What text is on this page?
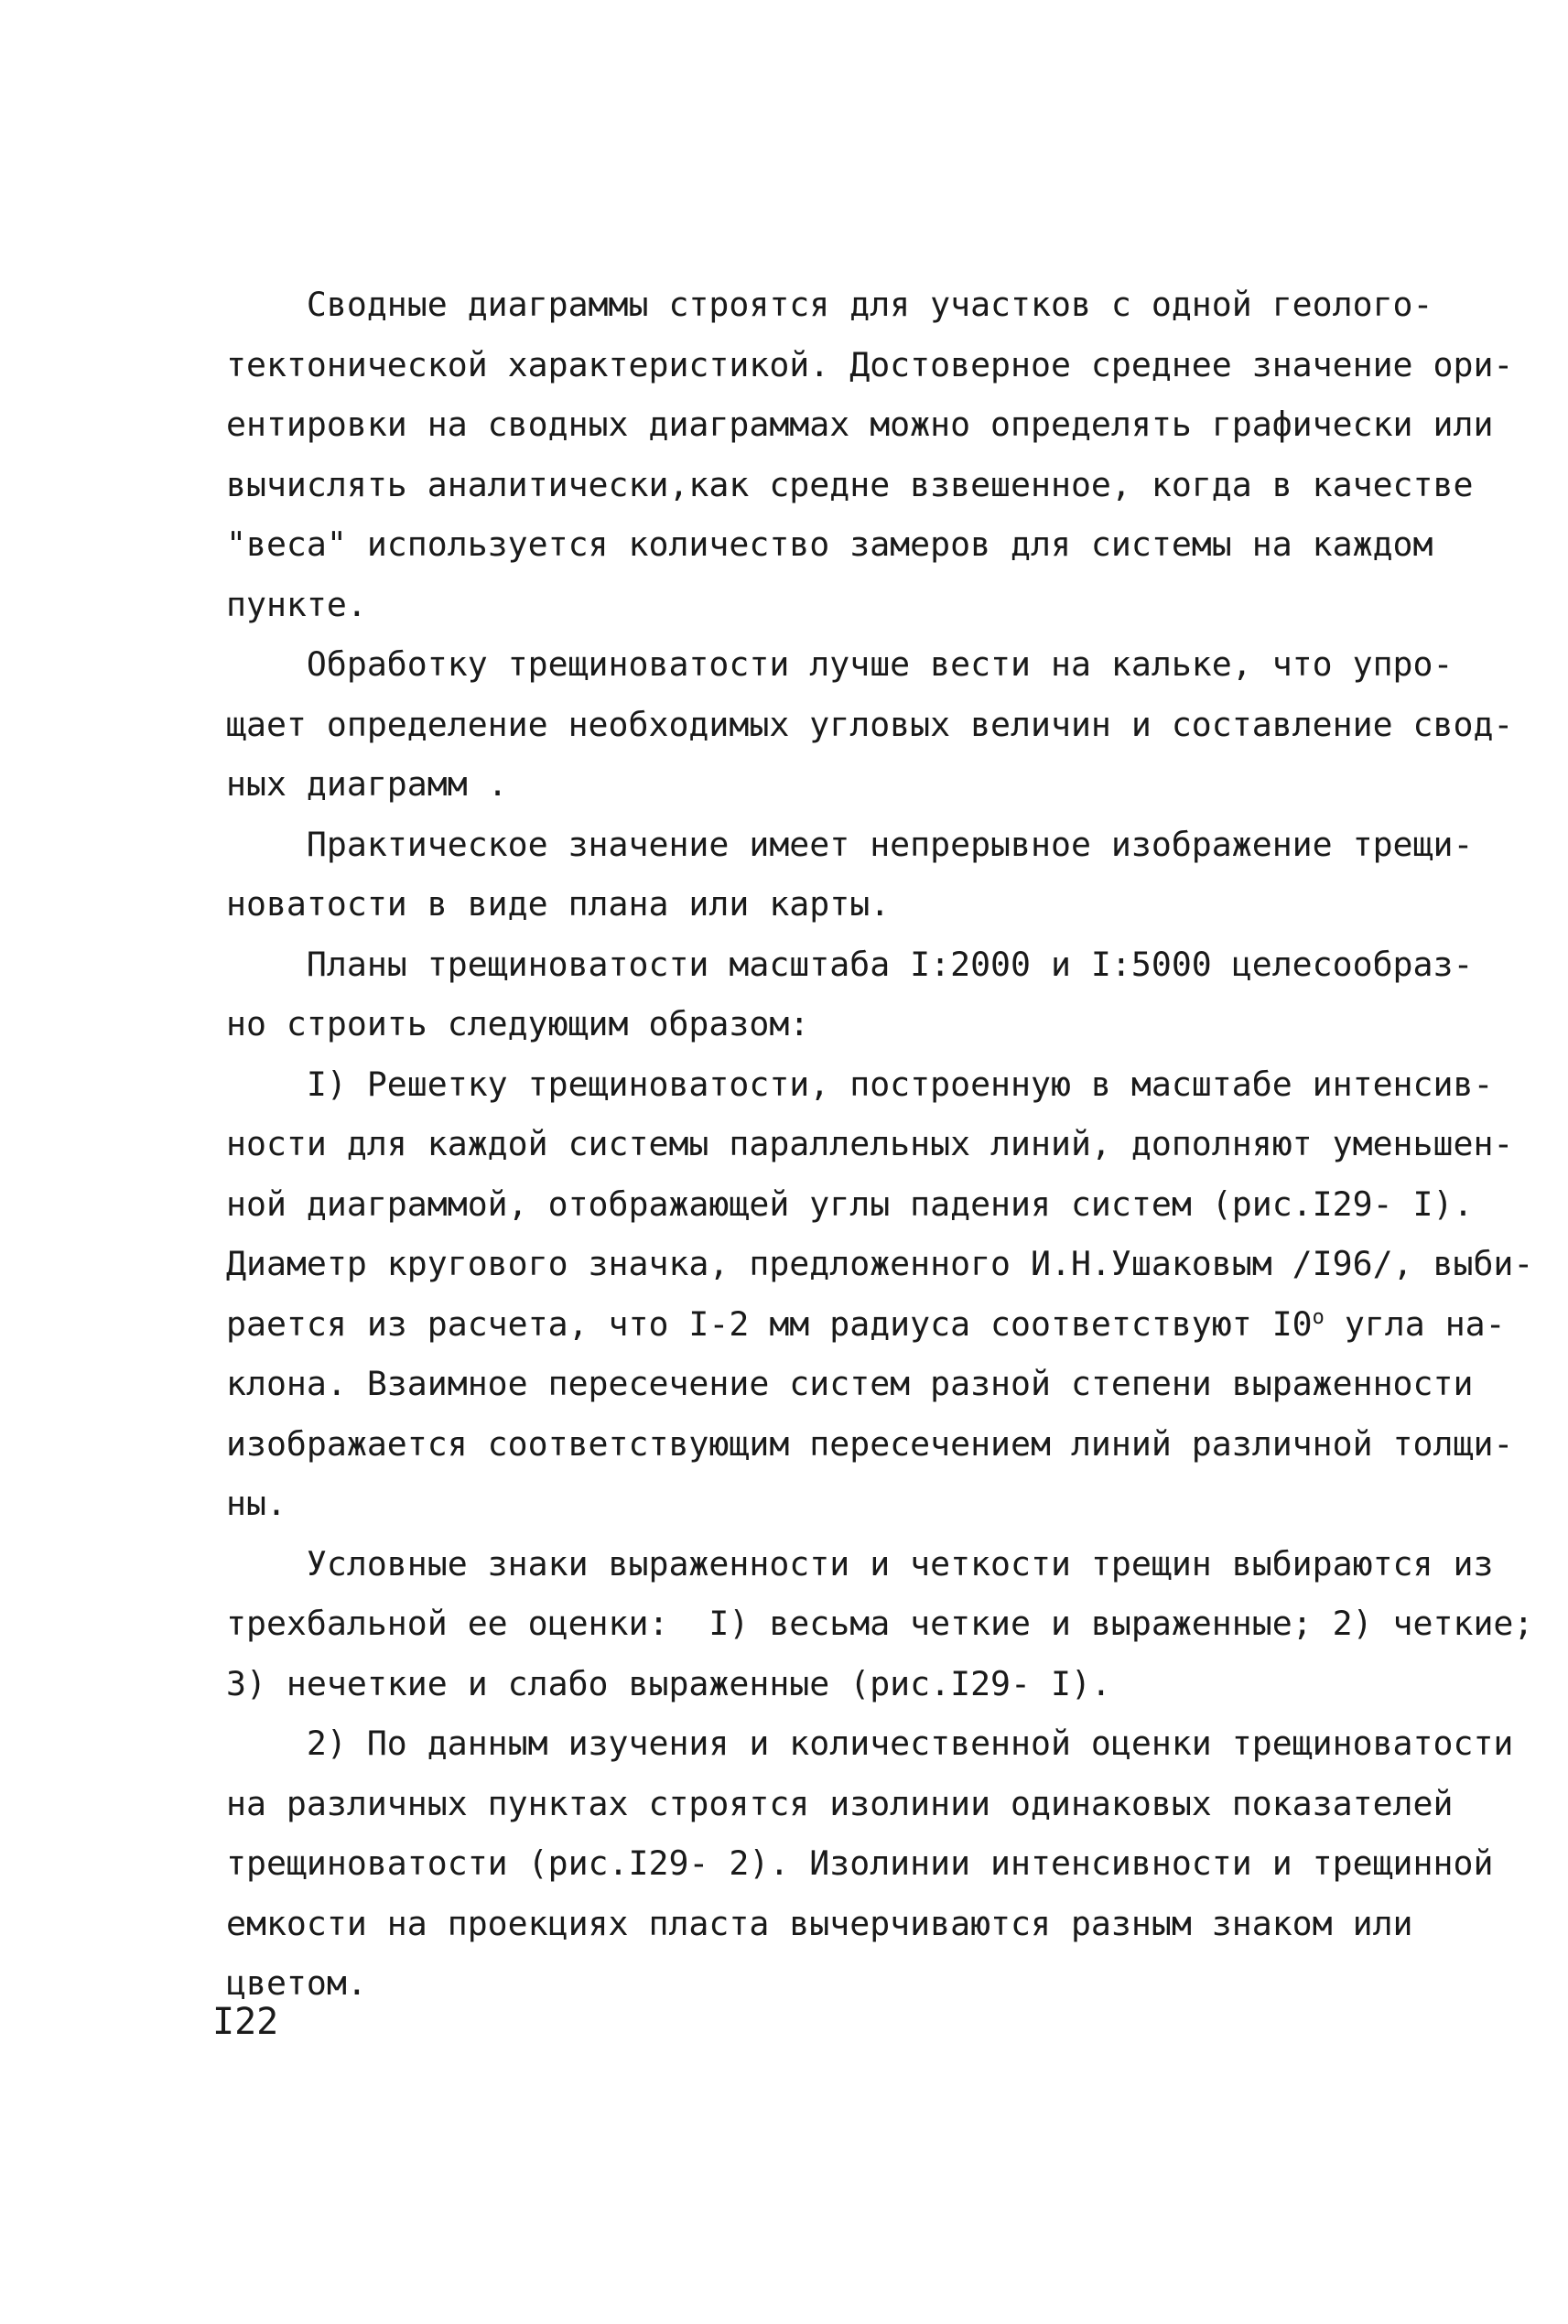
Сводные диаграммы строятся для участков с одной геолого-
тектонической характеристикой. Достоверное среднее значение ори-
ентировки на сводных диаграммах можно определять графически или
вычислять аналитически,как средне взвешенное, когда в качестве
"веса" используется количество замеров для системы на каждом
пункте.
Обработку трещиноватости лучше вести на кальке, что упро-
щает определение необходимых угловых величин и составление свод-
ных диаграмм .
Практическое значение имеет непрерывное изображение трещи-
новатости в виде плана или карты.
Планы трещиноватости масштаба I:2000 и I:5000 целесообраз-
но строить следующим образом:
I) Решетку трещиноватости, построенную в масштабе интенсив-
ности для каждой системы параллельных линий, дополняют уменьшен-
ной диаграммой, отображающей углы падения систем (рис.I29- I).
Диаметр кругового значка, предложенного И.Н.Ушаковым /I96/, выби-
рается из расчета, что I-2 мм радиуса соответствуют I0$^o$ угла на-
клона. Взаимное пересечение систем разной степени выраженности
изображается соответствующим пересечением линий различной толщи-
ны.
Условные знаки выраженности и четкости трещин выбираются из
трехбальной ее оценки:  I) весьма четкие и выраженные; 2) четкие;
3) нечеткие и слабо выраженные (рис.I29- I).
2) По данным изучения и количественной оценки трещиноватости
на различных пунктах строятся изолинии одинаковых показателей
трещиноватости (рис.I29- 2). Изолинии интенсивности и трещинной
емкости на проекциях пласта вычерчиваются разным знаком или
цветом.
I22
